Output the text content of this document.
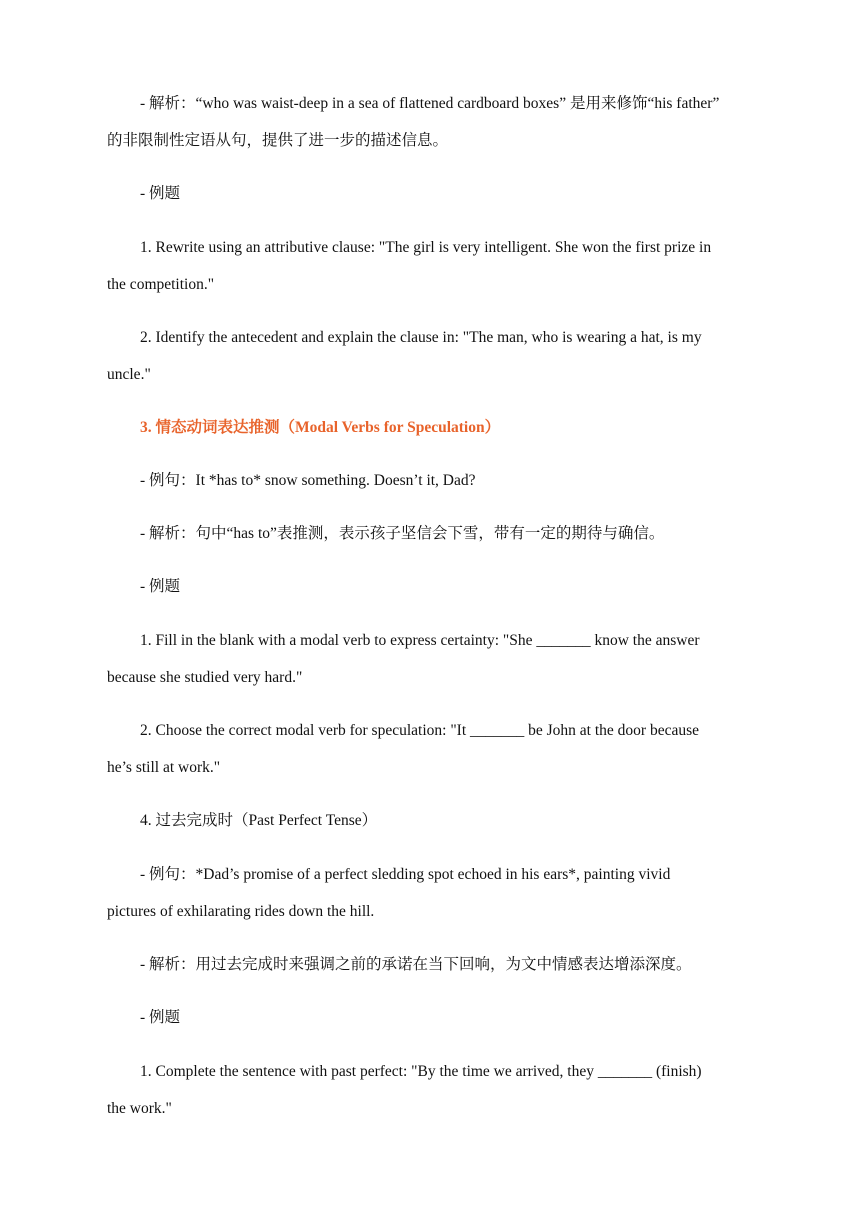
- 解析：“who was waist-deep in a sea of flattened cardboard boxes” 是用来修饰“his father”
的非限制性定语从句，提供了进一步的描述信息。
- 例题
1. Rewrite using an attributive clause: "The girl is very intelligent. She won the first prize in
the competition."
2. Identify the antecedent and explain the clause in: "The man, who is wearing a hat, is my
uncle."
3. 情态动词表达推测（Modal Verbs for Speculation）
- 例句：It *has to* snow something. Doesn’t it, Dad?
- 解析：句中“has to”表推测，表示孩子坚信会下雪，带有一定的期待与确信。
- 例题
1. Fill in the blank with a modal verb to express certainty: "She _______ know the answer
because she studied very hard."
2. Choose the correct modal verb for speculation: "It _______ be John at the door because
he’s still at work."
4. 过去完成时（Past Perfect Tense）
- 例句：*Dad’s promise of a perfect sledding spot echoed in his ears*, painting vivid
pictures of exhilarating rides down the hill.
- 解析：用过去完成时来强调之前的承诺在当下回响，为文中情感表达增添深度。
- 例题
1. Complete the sentence with past perfect: "By the time we arrived, they _______ (finish)
the work."
